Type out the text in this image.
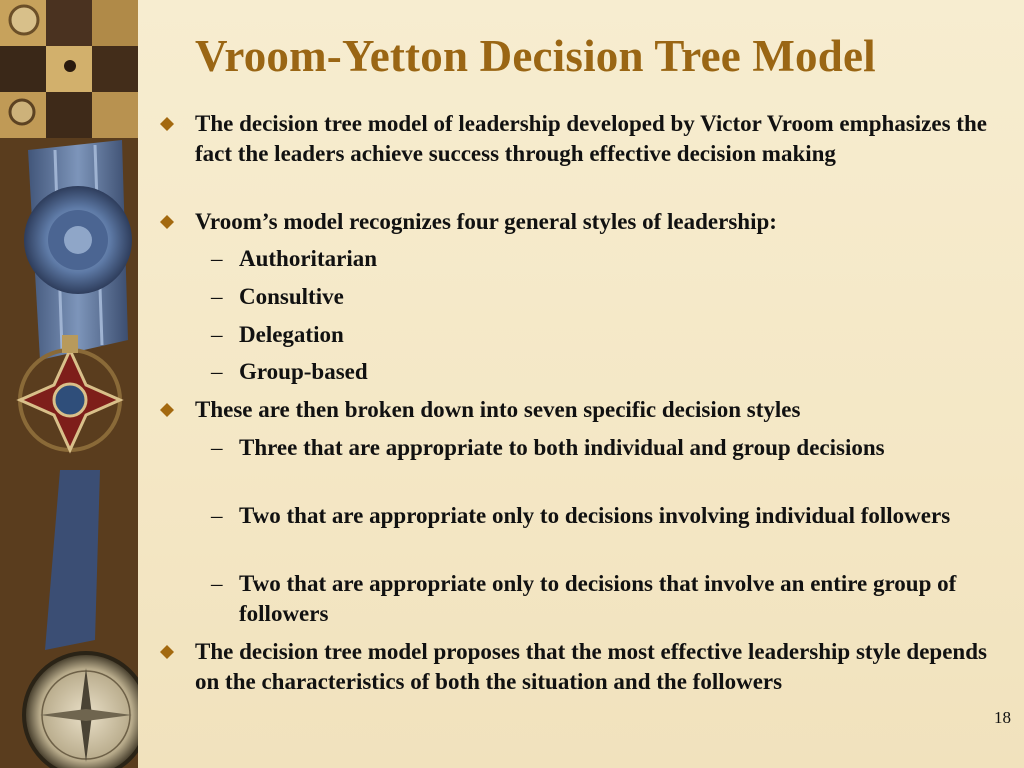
Vroom-Yetton Decision Tree Model
The decision tree model of leadership developed by Victor Vroom emphasizes the fact the leaders achieve success through effective decision making
Vroom’s model recognizes four general styles of leadership:
– Authoritarian
– Consultive
– Delegation
– Group-based
These are then broken down into seven specific decision styles
– Three that are appropriate to both individual and group decisions
– Two that are appropriate only to decisions involving individual followers
– Two that are appropriate only to decisions that involve an entire group of followers
The decision tree model proposes that the most effective leadership style depends on the characteristics of both the situation and the followers
18
